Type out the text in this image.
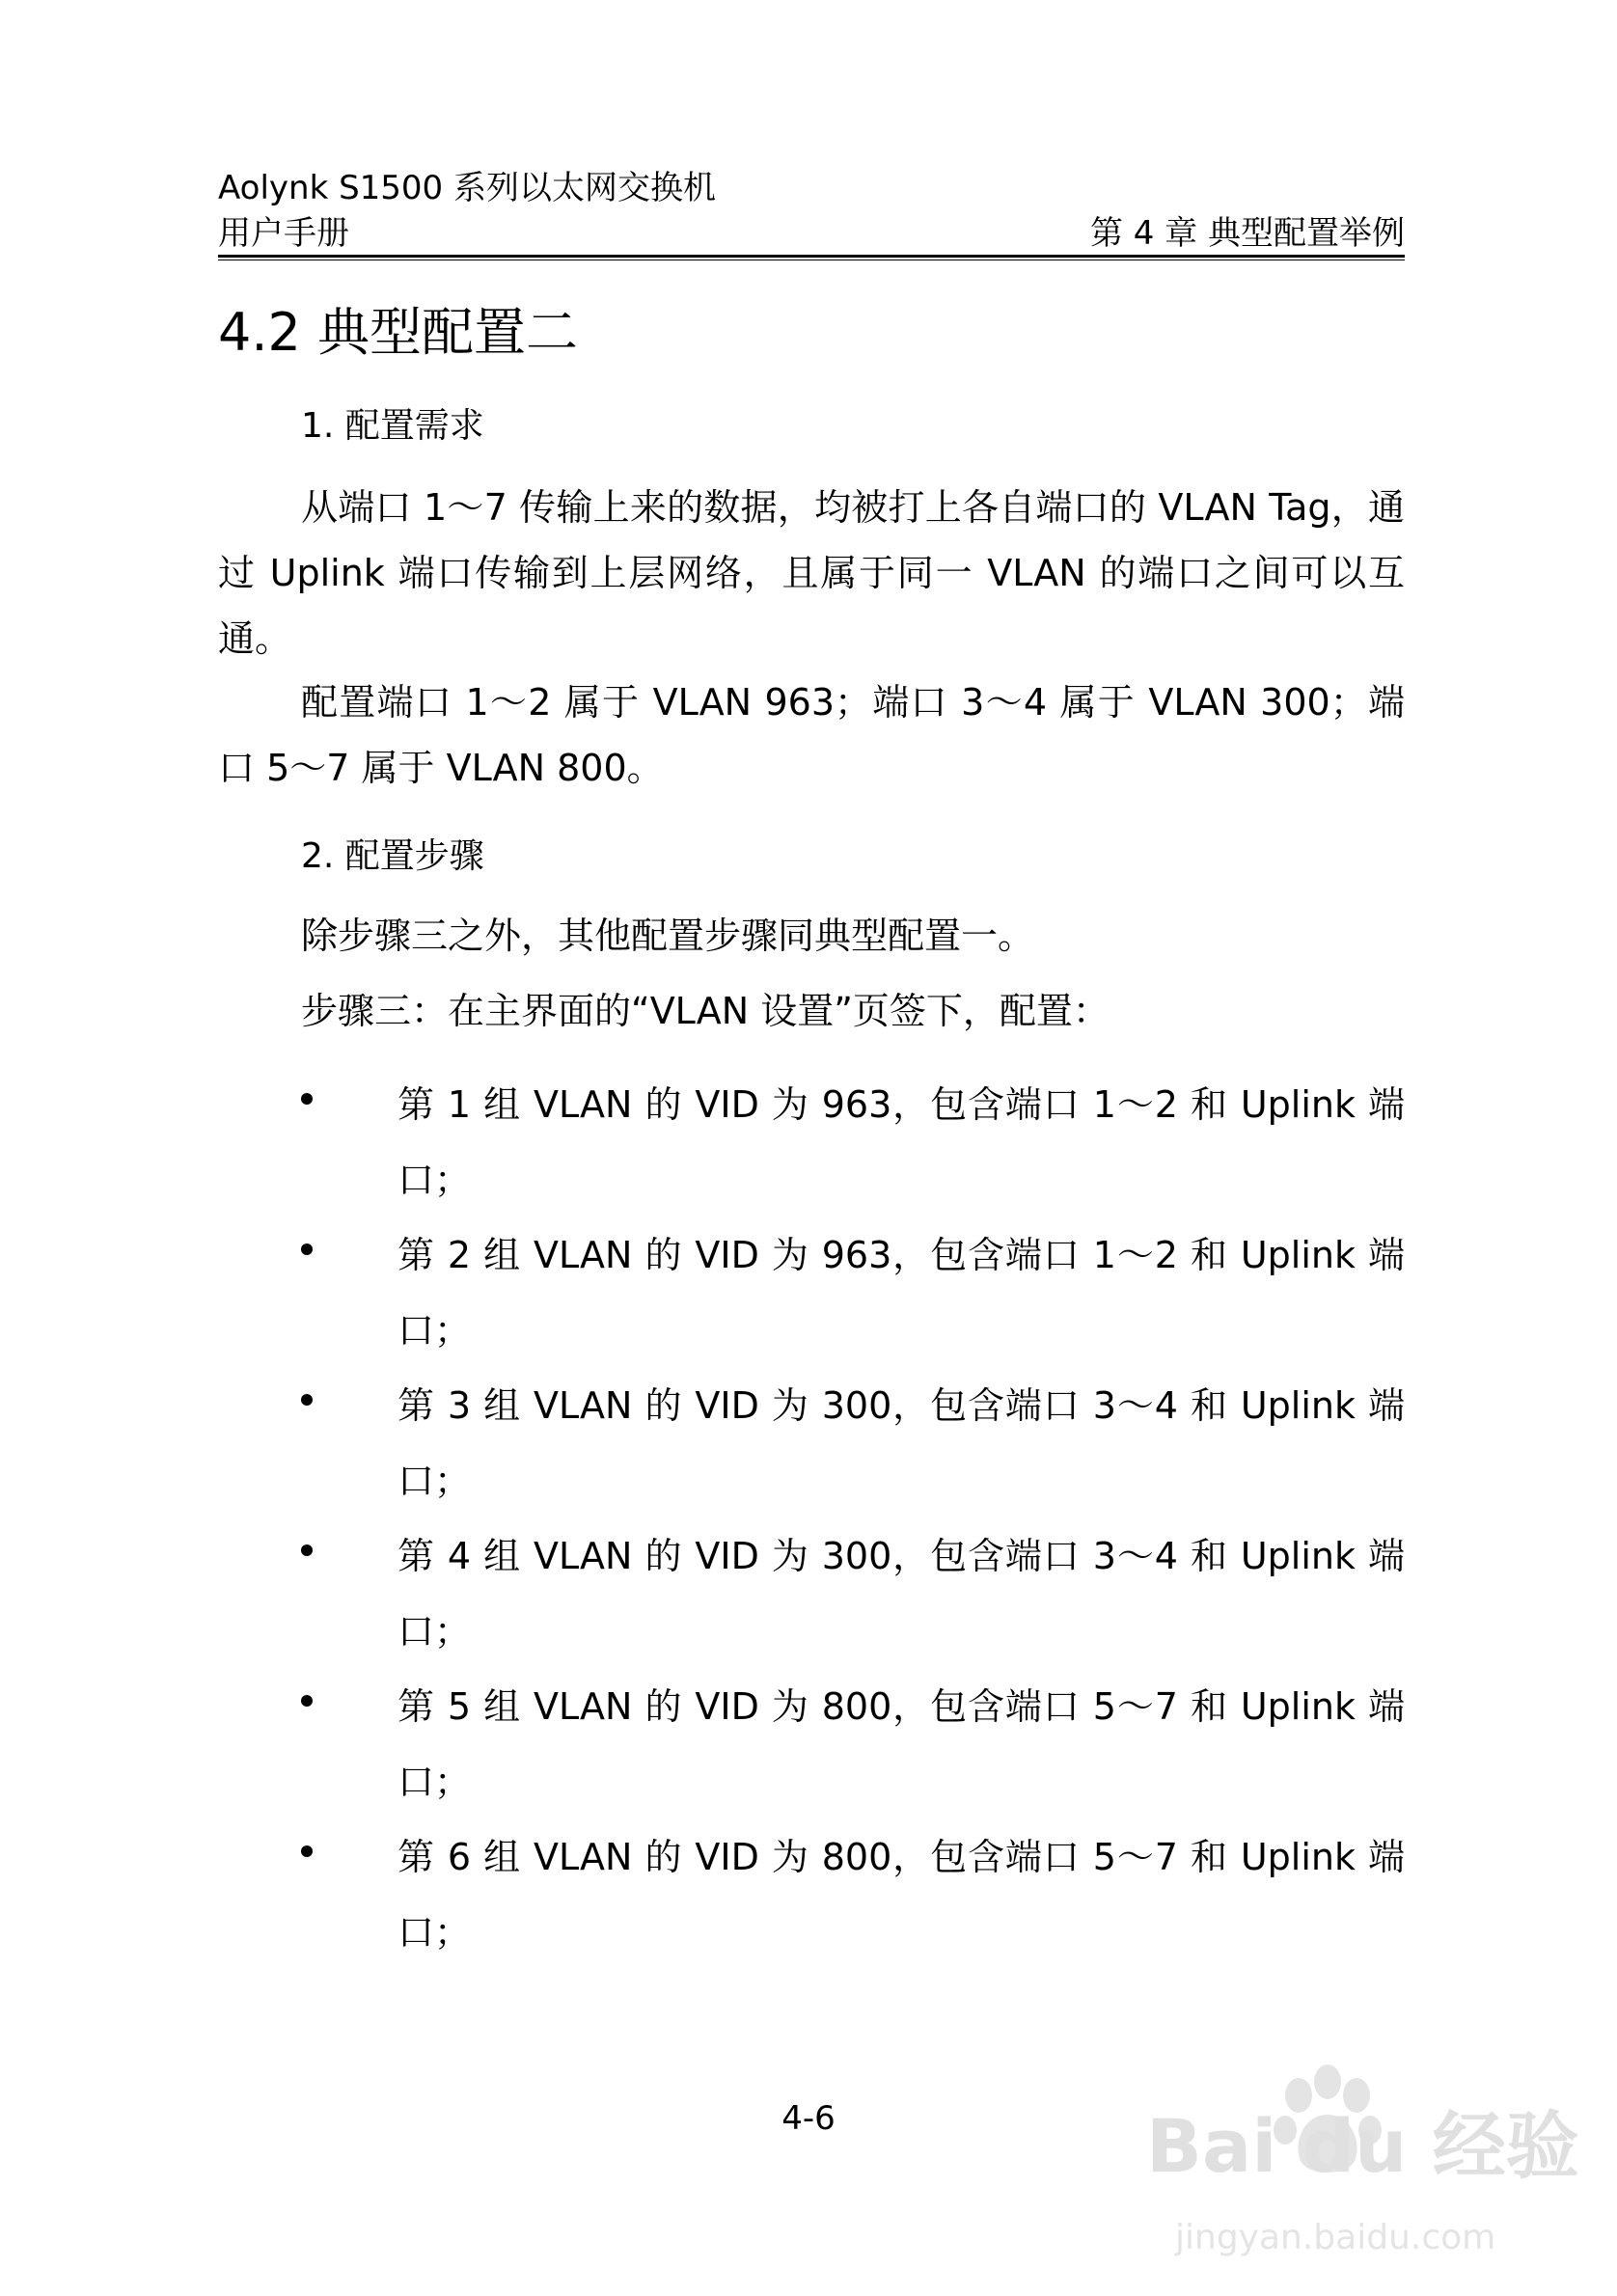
Aolynk S1500 系列以太网交换机
用户手册	第 4 章 典型配置举例
4.2 典型配置二
1. 配置需求

从端口 1～7 传输上来的数据，均被打上各自端口的 VLAN Tag，通过 Uplink 端口传输到上层网络，且属于同一 VLAN 的端口之间可以互通。

配置端口 1～2 属于 VLAN 963；端口 3～4 属于 VLAN 300；端口 5～7 属于 VLAN 800。

2. 配置步骤
除步骤三之外，其他配置步骤同典型配置一。
步骤三：在主界面的“VLAN 设置”页签下，配置：
第 1 组 VLAN 的 VID 为 963，包含端口 1～2 和 Uplink 端口；
第 2 组 VLAN 的 VID 为 963，包含端口 1～2 和 Uplink 端口；
第 3 组 VLAN 的 VID 为 300，包含端口 3～4 和 Uplink 端口；
第 4 组 VLAN 的 VID 为 300，包含端口 3～4 和 Uplink 端口；
第 5 组 VLAN 的 VID 为 800，包含端口 5～7 和 Uplink 端口；
第 6 组 VLAN 的 VID 为 800，包含端口 5～7 和 Uplink 端口；
4-6	Bai du 经验
jingyan.baidu.com
